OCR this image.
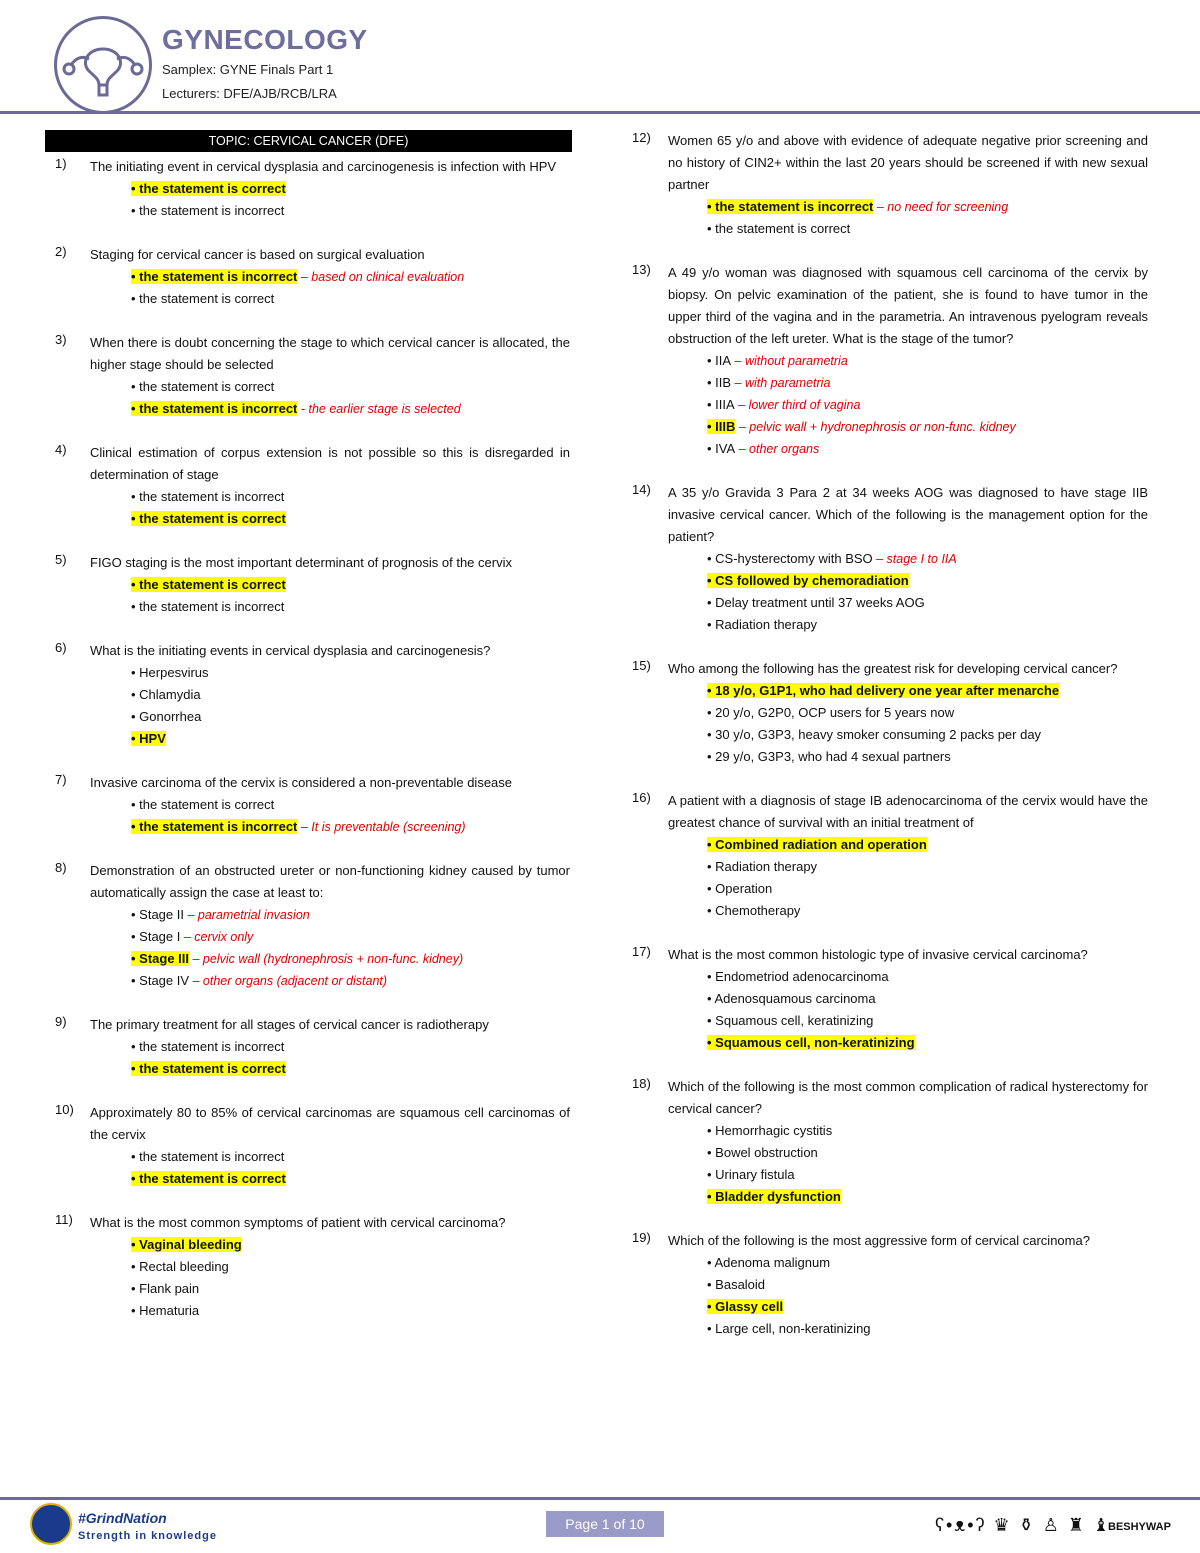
GYNECOLOGY
Samplex: GYNE Finals Part 1
Lecturers: DFE/AJB/RCB/LRA
TOPIC: CERVICAL CANCER (DFE)
1) The initiating event in cervical dysplasia and carcinogenesis is infection with HPV
• the statement is correct
• the statement is incorrect
2) Staging for cervical cancer is based on surgical evaluation
• the statement is incorrect – based on clinical evaluation
• the statement is correct
3) When there is doubt concerning the stage to which cervical cancer is allocated, the higher stage should be selected
• the statement is correct
• the statement is incorrect - the earlier stage is selected
4) Clinical estimation of corpus extension is not possible so this is disregarded in determination of stage
• the statement is incorrect
• the statement is correct
5) FIGO staging is the most important determinant of prognosis of the cervix
• the statement is correct
• the statement is incorrect
6) What is the initiating events in cervical dysplasia and carcinogenesis?
• Herpesvirus
• Chlamydia
• Gonorrhea
• HPV
7) Invasive carcinoma of the cervix is considered a non-preventable disease
• the statement is correct
• the statement is incorrect – It is preventable (screening)
8) Demonstration of an obstructed ureter or non-functioning kidney caused by tumor automatically assign the case at least to:
• Stage II – parametrial invasion
• Stage I – cervix only
• Stage III – pelvic wall (hydronephrosis + non-func. kidney)
• Stage IV – other organs (adjacent or distant)
9) The primary treatment for all stages of cervical cancer is radiotherapy
• the statement is incorrect
• the statement is correct
10) Approximately 80 to 85% of cervical carcinomas are squamous cell carcinomas of the cervix
• the statement is incorrect
• the statement is correct
11) What is the most common symptoms of patient with cervical carcinoma?
• Vaginal bleeding
• Rectal bleeding
• Flank pain
• Hematuria
12) Women 65 y/o and above with evidence of adequate negative prior screening and no history of CIN2+ within the last 20 years should be screened if with new sexual partner
• the statement is incorrect – no need for screening
• the statement is correct
13) A 49 y/o woman was diagnosed with squamous cell carcinoma of the cervix by biopsy. On pelvic examination of the patient, she is found to have tumor in the upper third of the vagina and in the parametria. An intravenous pyelogram reveals obstruction of the left ureter. What is the stage of the tumor?
• IIA – without parametria
• IIB – with parametria
• IIIA – lower third of vagina
• IIIB – pelvic wall + hydronephrosis or non-func. kidney
• IVA – other organs
14) A 35 y/o Gravida 3 Para 2 at 34 weeks AOG was diagnosed to have stage IIB invasive cervical cancer. Which of the following is the management option for the patient?
• CS-hysterectomy with BSO – stage I to IIA
• CS followed by chemoradiation
• Delay treatment until 37 weeks AOG
• Radiation therapy
15) Who among the following has the greatest risk for developing cervical cancer?
• 18 y/o, G1P1, who had delivery one year after menarche
• 20 y/o, G2P0, OCP users for 5 years now
• 30 y/o, G3P3, heavy smoker consuming 2 packs per day
• 29 y/o, G3P3, who had 4 sexual partners
16) A patient with a diagnosis of stage IB adenocarcinoma of the cervix would have the greatest chance of survival with an initial treatment of
• Combined radiation and operation
• Radiation therapy
• Operation
• Chemotherapy
17) What is the most common histologic type of invasive cervical carcinoma?
• Endometriod adenocarcinoma
• Adenosquamous carcinoma
• Squamous cell, keratinizing
• Squamous cell, non-keratinizing
18) Which of the following is the most common complication of radical hysterectomy for cervical cancer?
• Hemorrhagic cystitis
• Bowel obstruction
• Urinary fistula
• Bladder dysfunction
19) Which of the following is the most aggressive form of cervical carcinoma?
• Adenoma malignum
• Basaloid
• Glassy cell
• Large cell, non-keratinizing
#GrindNation
Strength in knowledge
Page 1 of 10	ʕ•ᴥ•ʔ ♛ ⚱ ♙ ♜ ♝
BESHYWAP
